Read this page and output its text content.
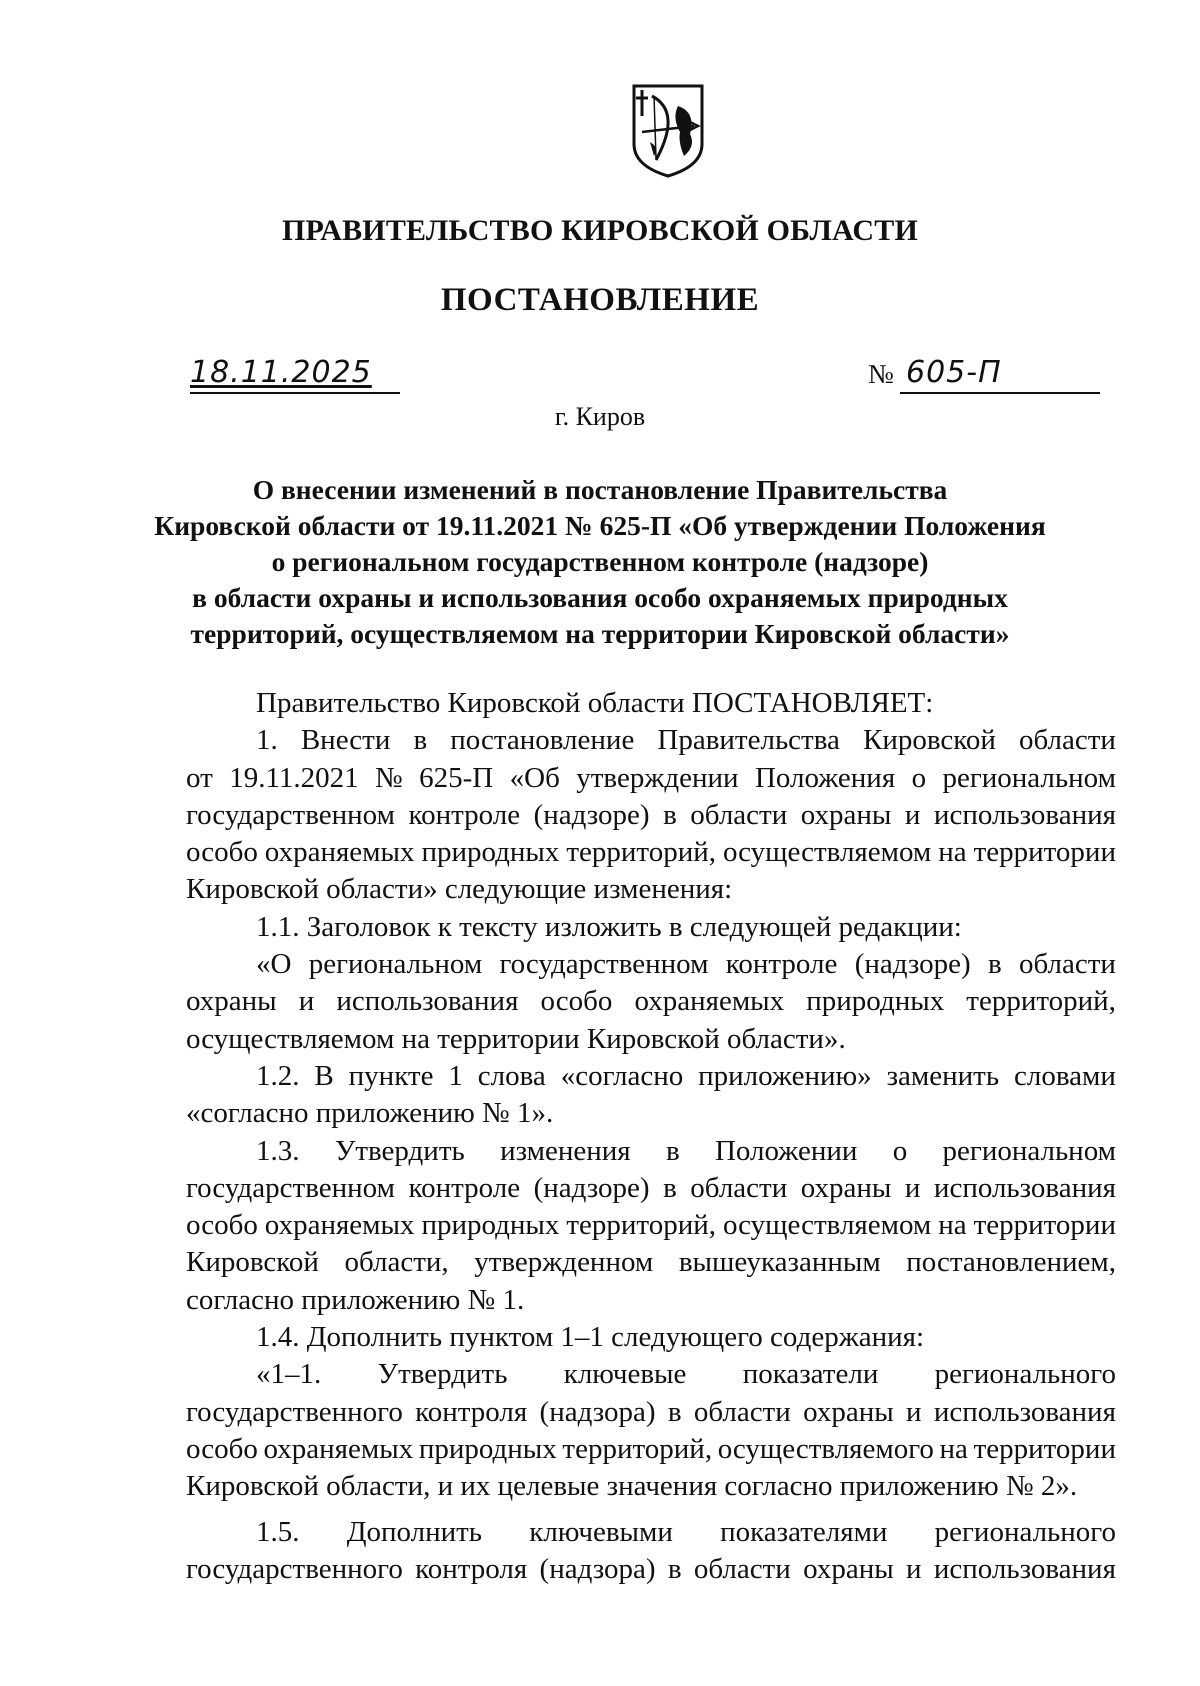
ПРАВИТЕЛЬСТВО КИРОВСКОЙ ОБЛАСТИ
ПОСТАНОВЛЕНИЕ
18.11.2025	№ 605-П
г. Киров
О внесении изменений в постановление Правительства
Кировской области от 19.11.2021 № 625-П «Об утверждении Положения
о региональном государственном контроле (надзоре)
в области охраны и использования особо охраняемых природных
территорий, осуществляемом на территории Кировской области»
Правительство Кировской области ПОСТАНОВЛЯЕТ:
1. Внести в постановление Правительства Кировской области
от 19.11.2021 № 625-П «Об утверждении Положения о региональном
государственном контроле (надзоре) в области охраны и использования
особо охраняемых природных территорий, осуществляемом на территории
Кировской области» следующие изменения:
1.1. Заголовок к тексту изложить в следующей редакции:
«О региональном государственном контроле (надзоре) в области
охраны и использования особо охраняемых природных территорий,
осуществляемом на территории Кировской области».
1.2. В пункте 1 слова «согласно приложению» заменить словами
«согласно приложению № 1».
1.3. Утвердить изменения в Положении о региональном
государственном контроле (надзоре) в области охраны и использования
особо охраняемых природных территорий, осуществляемом на территории
Кировской области, утвержденном вышеуказанным постановлением,
согласно приложению № 1.
1.4. Дополнить пунктом 1–1 следующего содержания:
«1–1. Утвердить ключевые показатели регионального
государственного контроля (надзора) в области охраны и использования
особо охраняемых природных территорий, осуществляемого на территории
Кировской области, и их целевые значения согласно приложению № 2».
1.5. Дополнить ключевыми показателями регионального
государственного контроля (надзора) в области охраны и использования
